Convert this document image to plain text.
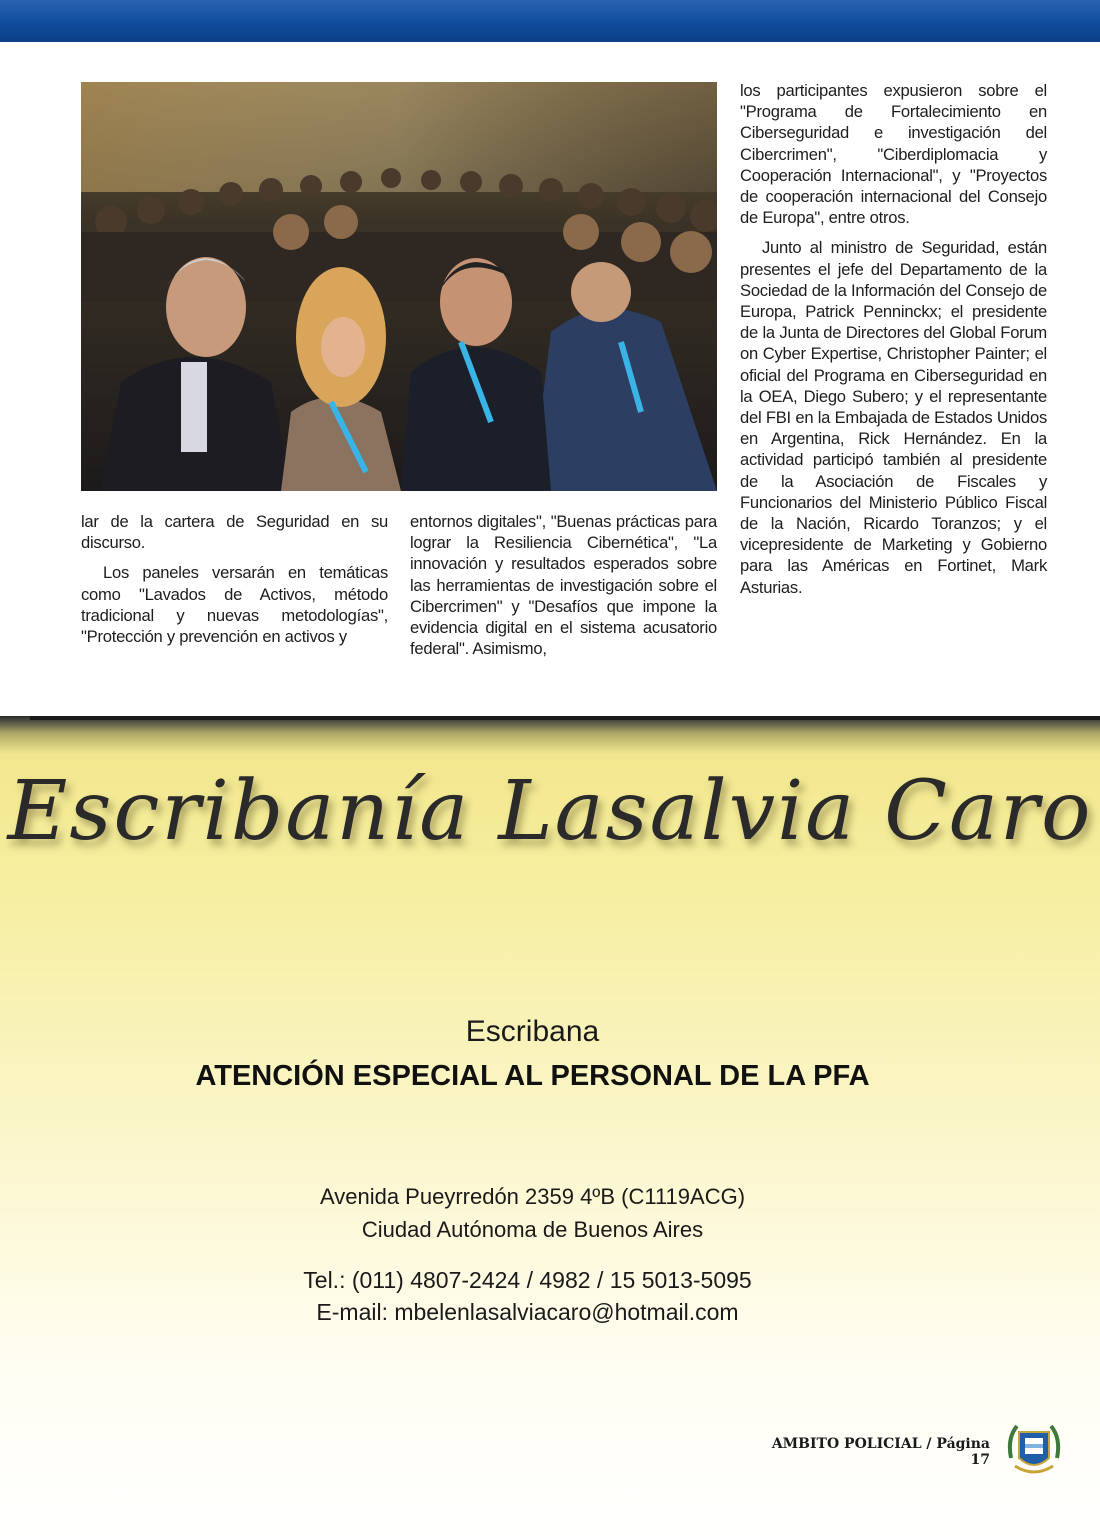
lar de la cartera de Seguridad en su discurso.

Los paneles versarán en temáticas como "Lavados de Activos, método tradicional y nuevas metodologías", "Protección y prevención en activos y

entornos digitales", "Buenas prácticas para lograr la Resiliencia Cibernética", "La innovación y resultados esperados sobre las herramientas de investigación sobre el Cibercrimen" y "Desafíos que impone la evidencia digital en el sistema acusatorio federal". Asimismo,

los participantes expusieron sobre el "Programa de Fortalecimiento en Ciberseguridad e investigación del Cibercrimen", "Ciberdiplomacia y Cooperación Internacional", y "Proyectos de cooperación internacional del Consejo de Europa", entre otros.

Junto al ministro de Seguridad, están presentes el jefe del Departamento de la Sociedad de la Información del Consejo de Europa, Patrick Penninckx; el presidente de la Junta de Directores del Global Forum on Cyber Expertise, Christopher Painter; el oficial del Programa en Ciberseguridad en la OEA, Diego Subero; y el representante del FBI en la Embajada de Estados Unidos en Argentina, Rick Hernández. En la actividad participó también al presidente de la Asociación de Fiscales y Funcionarios del Ministerio Público Fiscal de la Nación, Ricardo Toranzos; y el vicepresidente de Marketing y Gobierno para las Américas en Fortinet, Mark Asturias.

Escribanía Lasalvia Caro
Escribana
ATENCIÓN ESPECIAL AL PERSONAL DE LA PFA
Avenida Pueyrredón 2359 4ºB (C1119ACG)
Ciudad Autónoma de Buenos Aires
Tel.: (011) 4807-2424 / 4982 / 15 5013-5095
E-mail: mbelenlasalviacaro@hotmail.com
AMBITO POLICIAL / Página 17
